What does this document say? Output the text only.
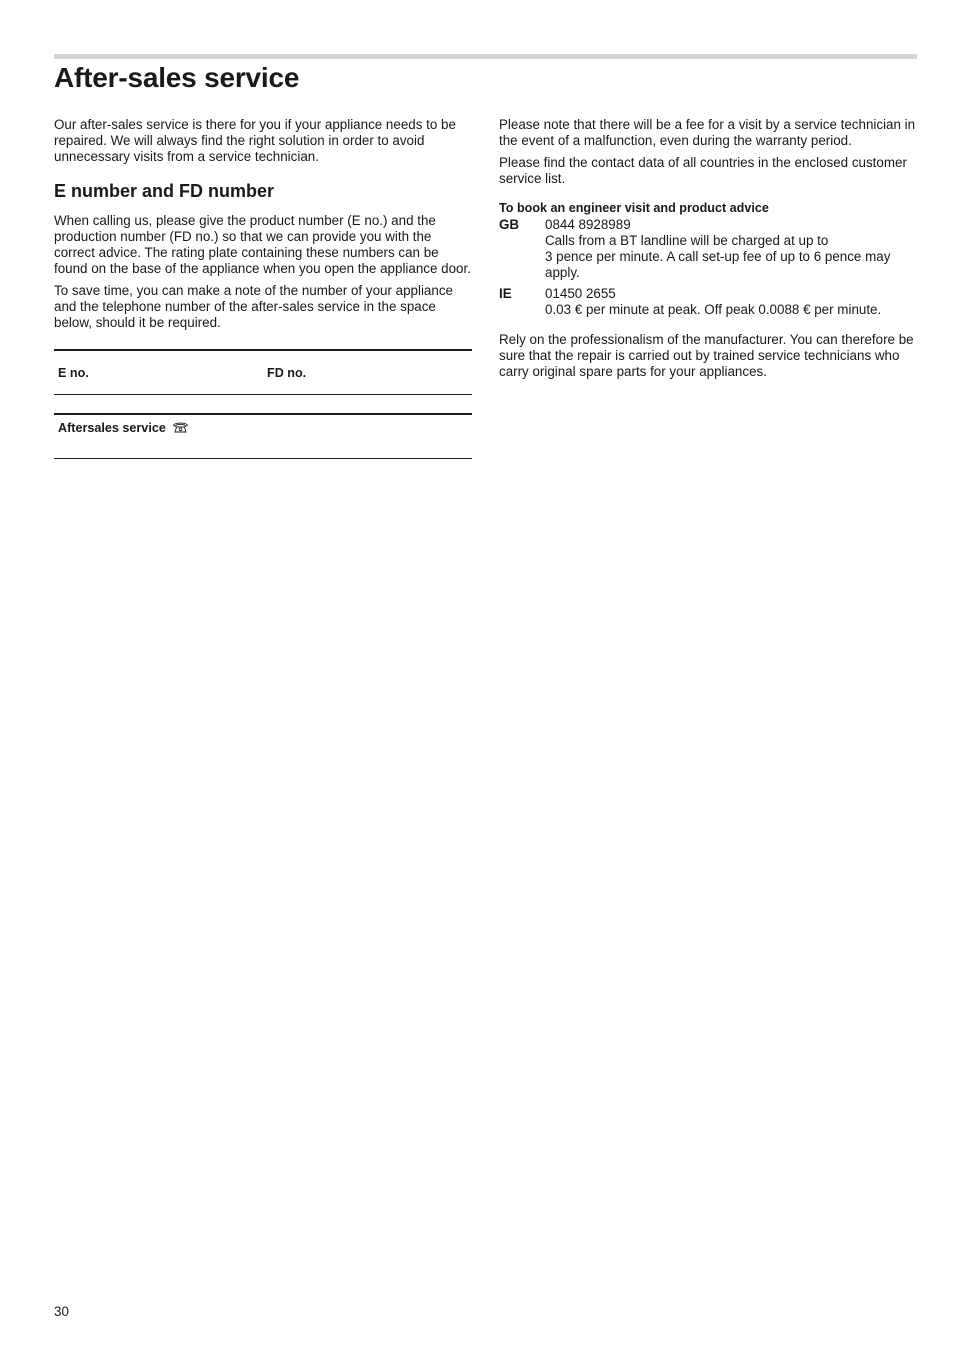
After-sales service

Our after-sales service is there for you if your appliance needs to be repaired. We will always find the right solution in order to avoid unnecessary visits from a service technician.

E number and FD number

When calling us, please give the product number (E no.) and the production number (FD no.) so that we can provide you with the correct advice. The rating plate containing these numbers can be found on the base of the appliance when you open the appliance door.

To save time, you can make a note of the number of your appliance and the telephone number of the after-sales service in the space below, should it be required.

E no.	FD no.
Aftersales service

Please note that there will be a fee for a visit by a service technician in the event of a malfunction, even during the warranty period.

Please find the contact data of all countries in the enclosed customer service list.

To book an engineer visit and product advice
GB	0844 8928989
Calls from a BT landline will be charged at up to
3 pence per minute. A call set-up fee of up to 6 pence may apply.
IE	01450 2655
0.03 € per minute at peak. Off peak 0.0088 € per minute.

Rely on the professionalism of the manufacturer. You can therefore be sure that the repair is carried out by trained service technicians who carry original spare parts for your appliances.

30
